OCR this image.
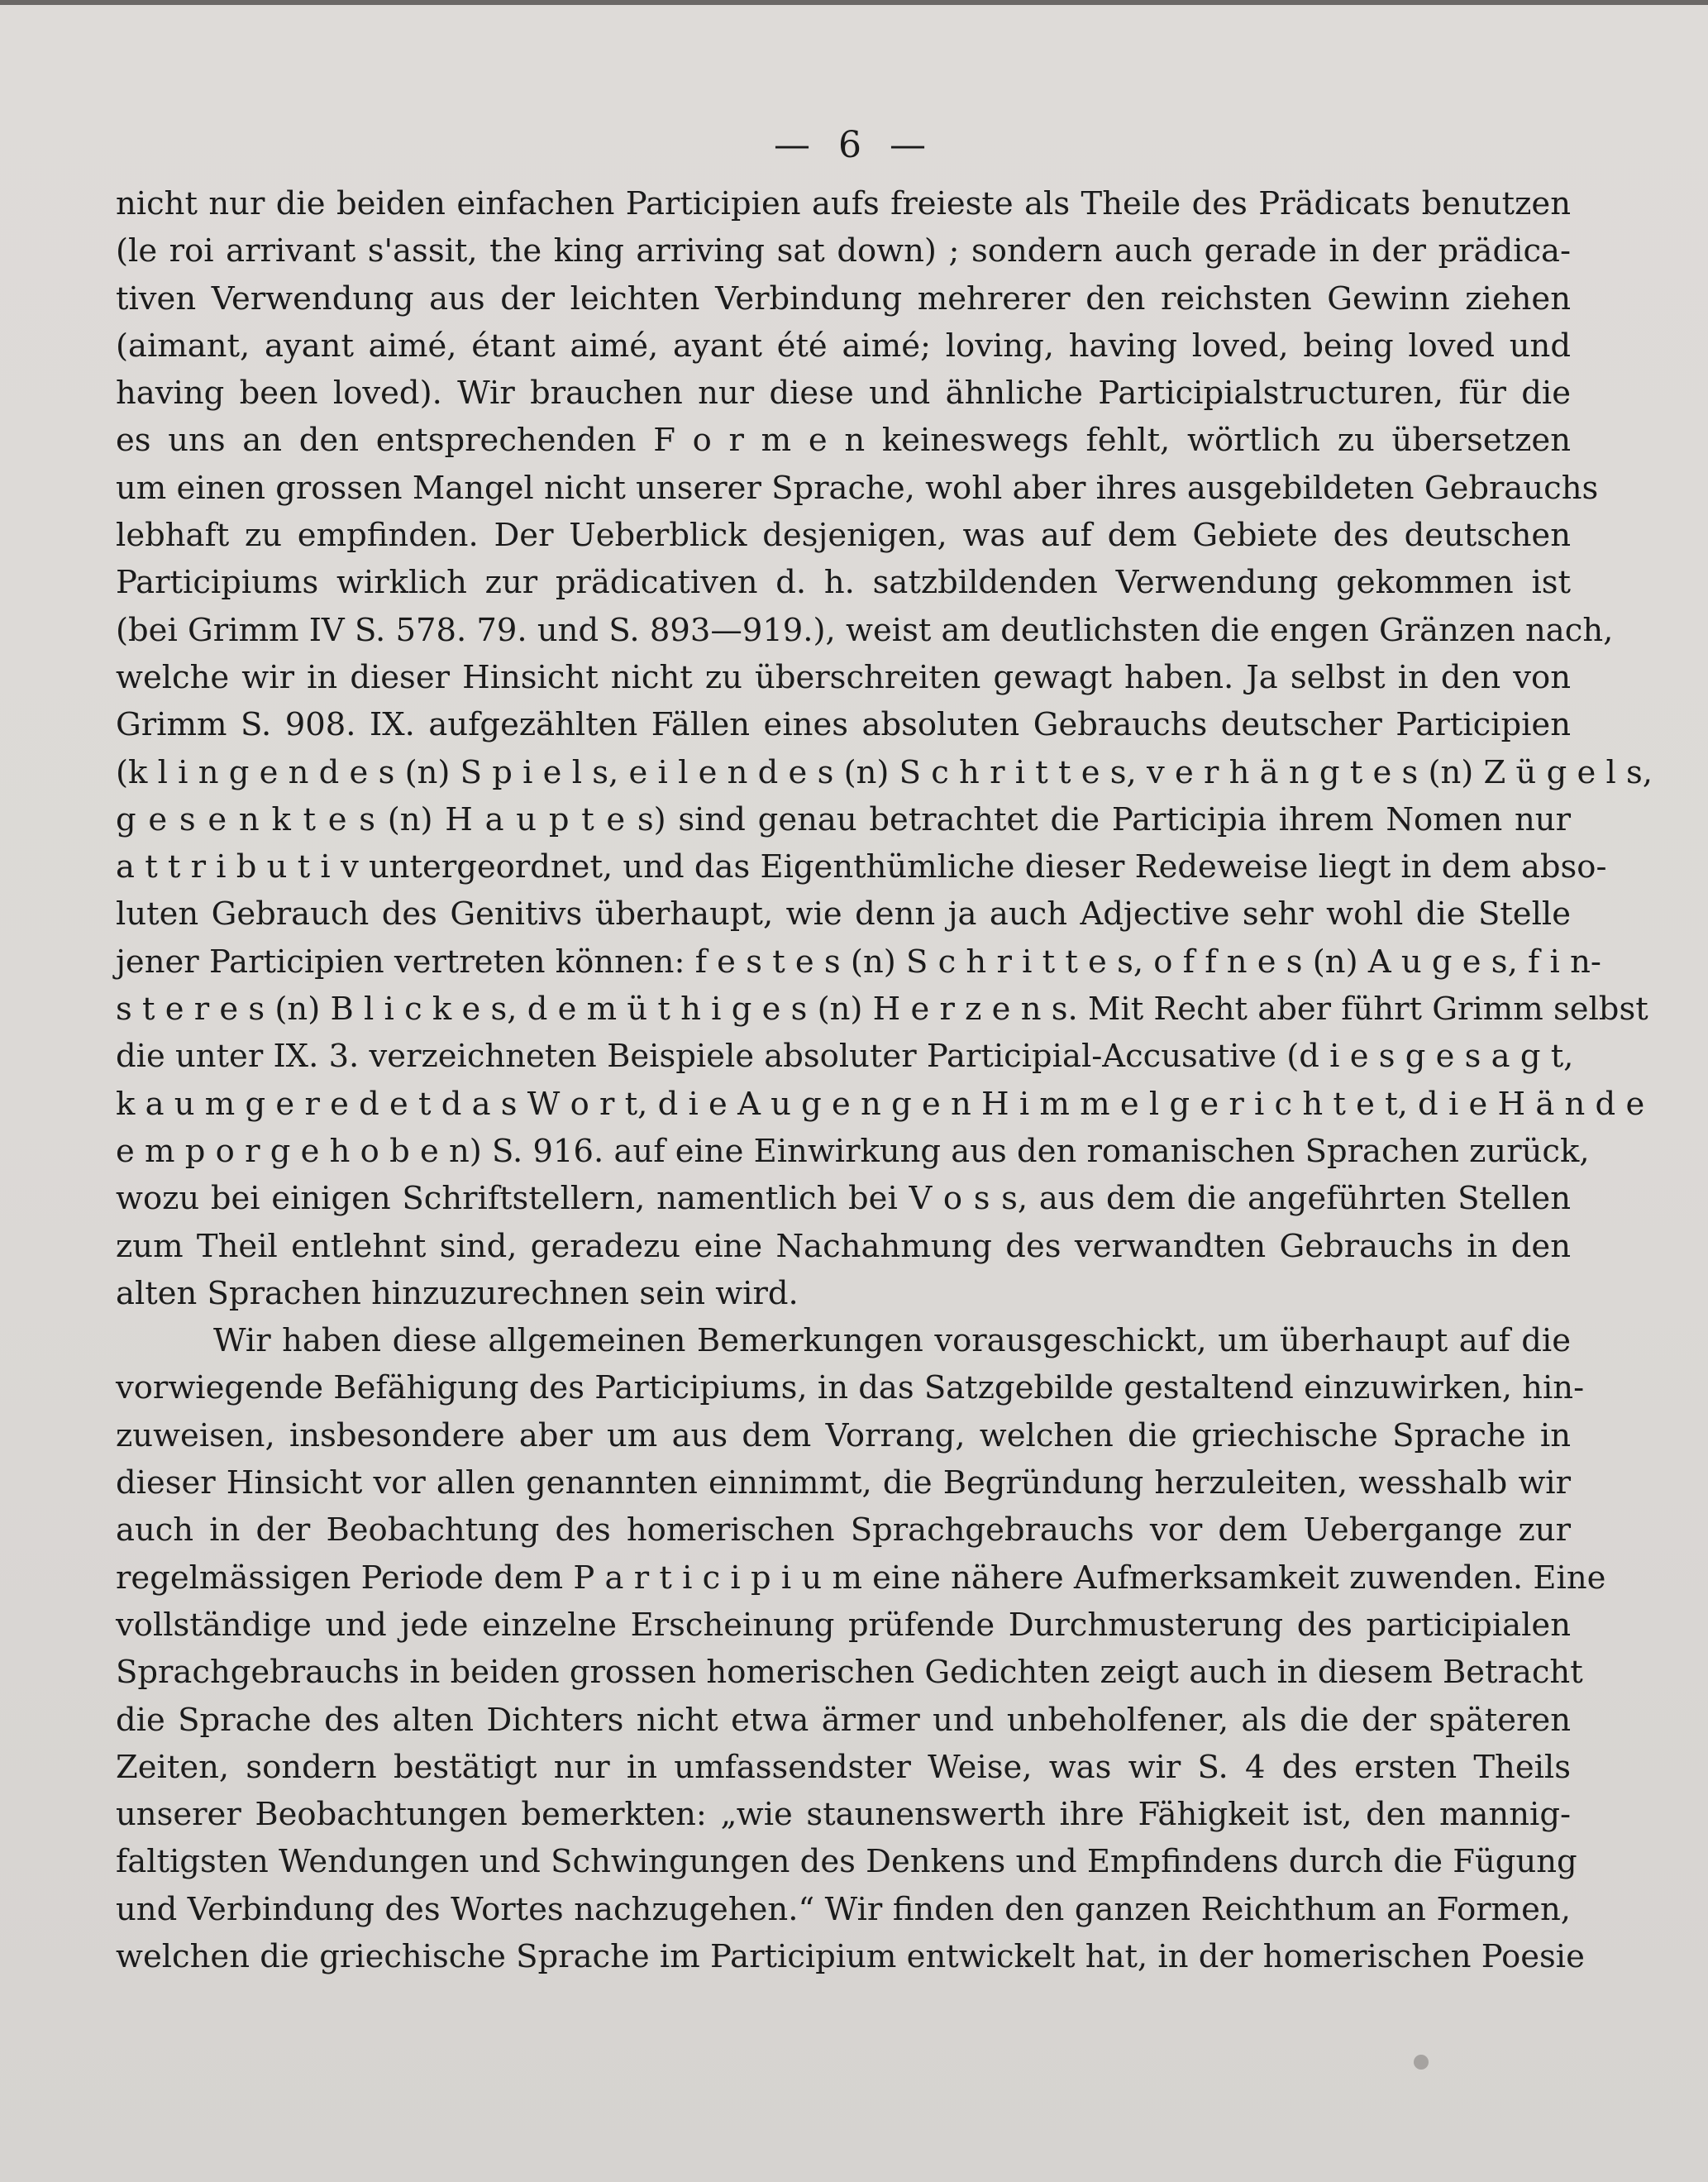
— 6 —
nicht nur die beiden einfachen Participien aufs freieste als Theile des Prädicats benutzen
(le roi arrivant s'assit, the king arriving sat down) ; sondern auch gerade in der prädica-
tiven Verwendung aus der leichten Verbindung mehrerer den reichsten Gewinn ziehen
(aimant, ayant aimé, étant aimé, ayant été aimé; loving, having loved, being loved und
having been loved). Wir brauchen nur diese und ähnliche Participialstructuren, für die
es uns an den entsprechenden F o r m e n keineswegs fehlt, wörtlich zu übersetzen
um einen grossen Mangel nicht unserer Sprache, wohl aber ihres ausgebildeten Gebrauchs
lebhaft zu empfinden. Der Ueberblick desjenigen, was auf dem Gebiete des deutschen
Participiums wirklich zur prädicativen d. h. satzbildenden Verwendung gekommen ist
(bei Grimm IV S. 578. 79. und S. 893—919.), weist am deutlichsten die engen Gränzen nach,
welche wir in dieser Hinsicht nicht zu überschreiten gewagt haben. Ja selbst in den von
Grimm S. 908. IX. aufgezählten Fällen eines absoluten Gebrauchs deutscher Participien
(k l i n g e n d e s (n) S p i e l s, e i l e n d e s (n) S c h r i t t e s, v e r h ä n g t e s (n) Z ü g e l s,
g e s e n k t e s (n) H a u p t e s) sind genau betrachtet die Participia ihrem Nomen nur
a t t r i b u t i v untergeordnet, und das Eigenthümliche dieser Redeweise liegt in dem abso-
luten Gebrauch des Genitivs überhaupt, wie denn ja auch Adjective sehr wohl die Stelle
jener Participien vertreten können: f e s t e s (n) S c h r i t t e s, o f f n e s (n) A u g e s, f i n-
s t e r e s (n) B l i c k e s, d e m ü t h i g e s (n) H e r z e n s. Mit Recht aber führt Grimm selbst
die unter IX. 3. verzeichneten Beispiele absoluter Participial-Accusative (d i e s g e s a g t,
k a u m g e r e d e t d a s W o r t, d i e A u g e n g e n H i m m e l g e r i c h t e t, d i e H ä n d e
e m p o r g e h o b e n) S. 916. auf eine Einwirkung aus den romanischen Sprachen zurück,
wozu bei einigen Schriftstellern, namentlich bei V o s s, aus dem die angeführten Stellen
zum Theil entlehnt sind, geradezu eine Nachahmung des verwandten Gebrauchs in den
alten Sprachen hinzuzurechnen sein wird.
Wir haben diese allgemeinen Bemerkungen vorausgeschickt, um überhaupt auf die
vorwiegende Befähigung des Participiums, in das Satzgebilde gestaltend einzuwirken, hin-
zuweisen, insbesondere aber um aus dem Vorrang, welchen die griechische Sprache in
dieser Hinsicht vor allen genannten einnimmt, die Begründung herzuleiten, wesshalb wir
auch in der Beobachtung des homerischen Sprachgebrauchs vor dem Uebergange zur
regelmässigen Periode dem P a r t i c i p i u m eine nähere Aufmerksamkeit zuwenden. Eine
vollständige und jede einzelne Erscheinung prüfende Durchmusterung des participialen
Sprachgebrauchs in beiden grossen homerischen Gedichten zeigt auch in diesem Betracht
die Sprache des alten Dichters nicht etwa ärmer und unbeholfener, als die der späteren
Zeiten, sondern bestätigt nur in umfassendster Weise, was wir S. 4 des ersten Theils
unserer Beobachtungen bemerkten: „wie staunenswerth ihre Fähigkeit ist, den mannig-
faltigsten Wendungen und Schwingungen des Denkens und Empfindens durch die Fügung
und Verbindung des Wortes nachzugehen.“ Wir finden den ganzen Reichthum an Formen,
welchen die griechische Sprache im Participium entwickelt hat, in der homerischen Poesie
